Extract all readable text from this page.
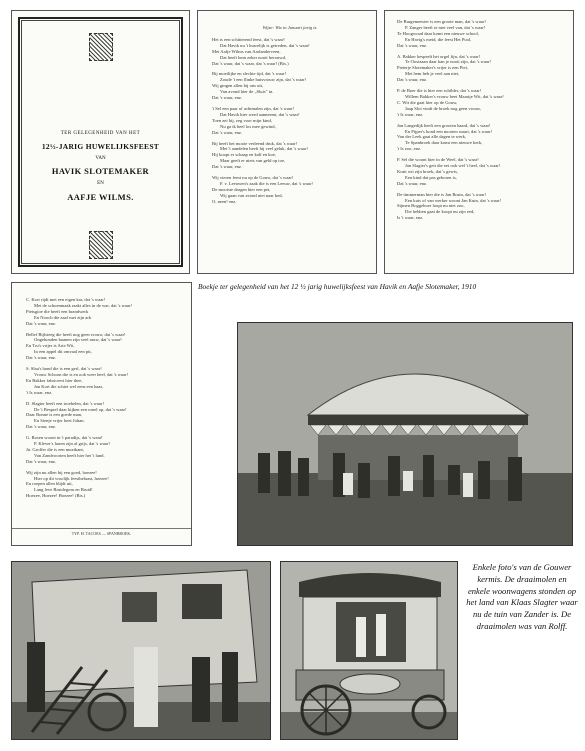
TER GELEGENHEID VAN HET
12½-JARIG HUWELIJKSFEEST
VAN
HAVIK SLOTEMAKER
EN
AAFJE WILMS.
Wijze: Wis in Januari jarig is.
Het is een schitterend feest, dat 's waar!
Dat Havik nu 't huwelijk is getreden, dat 's waar!
Met Aafje Wilms van Aarlanderveen,
Dat heeft hem zeker nooit berouwd,
Dat 's waar, dat 's waar, dat 's waar! (Bis.)
Bij moeilijke en slechte tijd, dat 's waar!
Zoude 't een flinke huisvrouw zijn, dat 's waar!
Wij gingen allen bij ons uit,
Van avond hier de „Sluis" in.
Dat 's waar, enz.
't Sel een paar of achtmalen zijn, dat 's waar!
Dat Havik hier werd aanneemt, dat 's waar!
Toen zei hij, zeg voor mijn kind,
Nu ga ik heel los mee gewind,
Dat 's waar, enz.
Bij heeft het mooie verleend druk, dat 's waar!
Met 't aandelen heeft hij veel geluk, dat 's waar!
Hij koopt er schaap en kalf en koe,
Maar geeft er niets van geld op toe,
Dat 's waar, enz.
Wij vieren feest nu op de Gouw, dat 's waar!
F. v. Leeuwen's zaak die is een Leeuw, dat 's waar!
De mooiste dragen hier een pet,
Wij gaan van avond niet naar bed,
O, neen! enz.
De Burgemeester is een groote man, dat 's waar!
P. Zanger heeft er niet veel van, dat 's waar!
Te Hoogwoud daar komt een nieuwe school,
En Havig's meid, die leest Het Pool,
Dat 's waar, enz.
A. Bakker bespeelt het orgel fijn, dat 's waar!
Te Oostzaan daar kan je nooit zijn, dat 's waar!
Pieterje Slotemaker's vrijer is een Piet,
Met hem heb je veel aan niet,
Dat 's waar, enz.
P. de Boer die is hier een schilder, dat 's waar!
Willem Bakker's vrouw heet Maartje Wit, dat 's waar!
C. Wit die gaat hier op de Gouw,
Jaap Slot vindt de broek nog geen vrouw,
't Is waar, enz.
Jan Langedijk heeft een grooten baard, dat 's waar!
En Pijper's hond een mooien staart, dat 's waar!
Van der Leek gaat alle dagen te werk,
Te Spanbroek daar komt een nieuwe kerk,
't Is zoo, enz.
P. Sel die woont hier in de Weel, dat 's waar!
Jan Slagter's geit die eet ook wel 't heel, dat 's waar!
Kruit wit zijn broek, dat 's gewis,
Een kind dat pas geboren is,
Dat 's waar, enz.
De timmerman hier die is Jan Bruin, dat 's waar!
Een kuis of van werker woont Jan Kuin, dat 's waar!
Sijmen Boggeboer loopt nu niet zoo,
Die hebben gaat de koopt nu zijn eed,
Is 't waar, enz.
Boekje ter gelegenheid van het 12 ½ jarig huwelijksfeest van Havik en Aafje Slotemaker, 1910
C. Kort rijdt met een eigen kar, dat 's waar!
Met de schoenmaak raakt alles in de war, dat 's waar!
Pietsgioe die heeft een brandwerk
En Nooch die zaaf met zijn ark
Dat 's waar, enz.
Bellef Bijlsteeg die heeft nog geen vrouw, dat 's waar!
Ongehonden baanen zijn veel rauw, dat 's waar!
En Tru's vrijer is Arie Wit,
In een appel dit omvaal een pit,
Dat 's waar, enz.
S. Slaa's hond die is een gerl, dat 's waar!
Vrouw Schoon die is en ook weer heel, dat 's waar!
En Bakker fabriceert hier thee,
Jan Kort die schiet wel eens een haas,
't Is waar, enz.
D. Slagter heeft een troebelen, dat 's waar!
De 't Besprel daar kijken een ornel op, dat 's waar!
Daar Ronne is een goede man,
En Sienje vrijer heet Johan.
Dat 's waar, enz.
G. Rosen woont in 't paradijs, dat 's waar!
P. Klever's haren zijn al grijs, dat 's waar!
Jn. Groffer die is een muzikant,
Van Zandvoorten heeft hier het 't land.
Dat 's waar, enz.
Wij zijn nu allen bij een goed, hoezee!
Hier op dit vroolijk feestbelaast, hoezee!
En roepen allen blijdt uit,
Lang leve Bruidegom en Bruid!
Hoezee, Hoezee! Hoezee! (Bis.)
TYP. H. TACOES — SPANBROEK.
Enkele foto's van de Gouwer kermis. De draaimolen en enkele woonwagens stonden op het land van Klaas Slagter waar nu de tuin van Zander is. De draaimolen was van Rolff.
